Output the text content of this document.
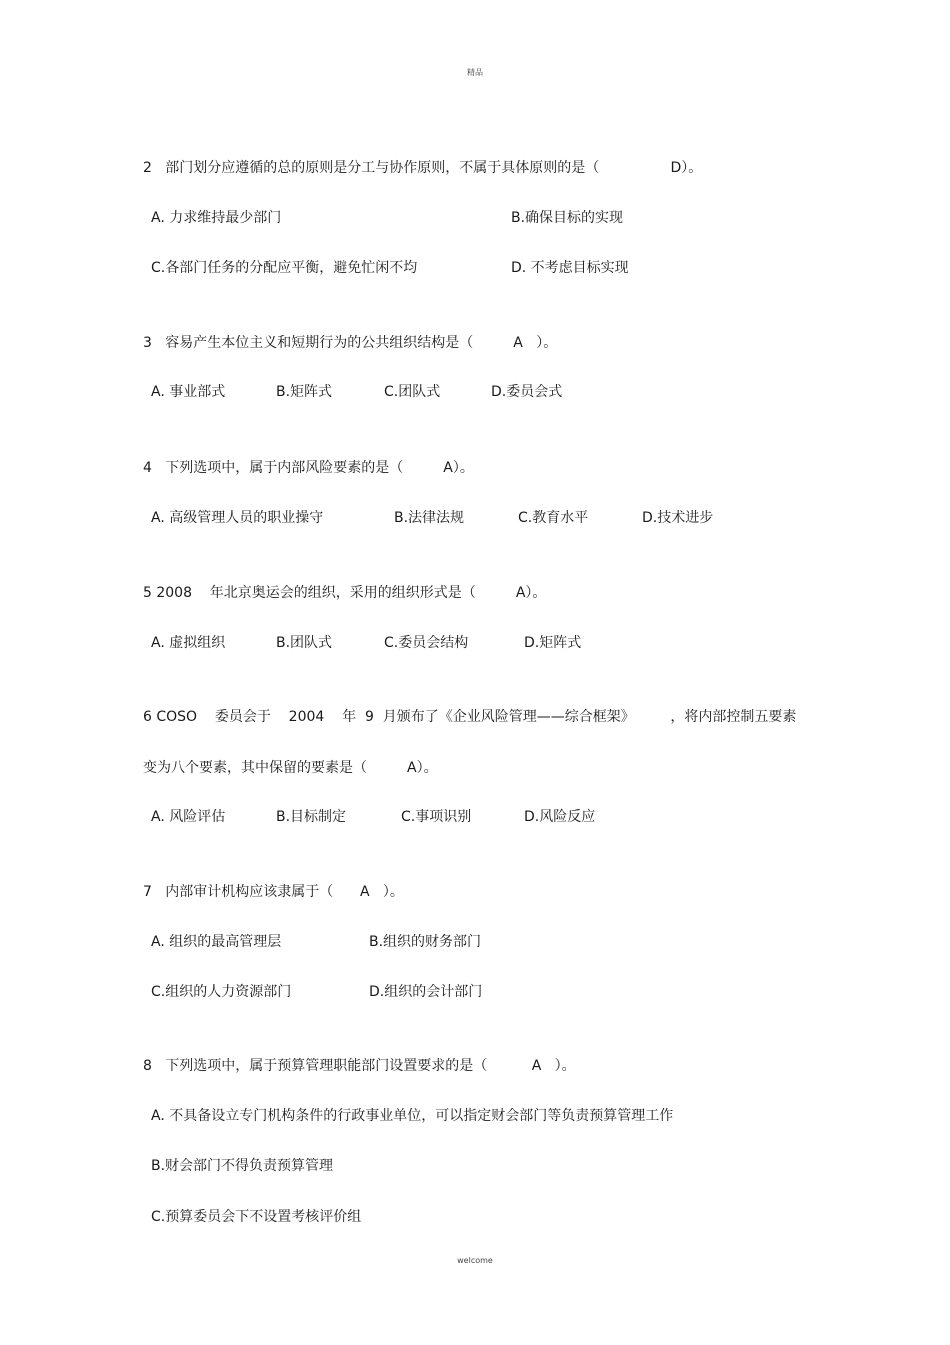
精品
2   部门划分应遵循的总的原则是分工与协作原则，不属于具体原则的是（                D）。
A. 力求维持最少部门	B.确保目标的实现
C.各部门任务的分配应平衡，避免忙闲不均	D. 不考虑目标实现
3   容易产生本位主义和短期行为的公共组织结构是（         A   ）。
A. 事业部式	B.矩阵式	C.团队式	D.委员会式
4   下列选项中，属于内部风险要素的是（         A）。
A. 高级管理人员的职业操守	B.法律法规	C.教育水平	D.技术进步
5 2008    年北京奥运会的组织，采用的组织形式是（         A）。
A. 虚拟组织	B.团队式	C.委员会结构	D.矩阵式
6 COSO    委员会于    2004    年  9  月颁布了《企业风险管理——综合框架》        ，将内部控制五要素
变为八个要素，其中保留的要素是（         A）。
A. 风险评估	B.目标制定	C.事项识别	D.风险反应
7   内部审计机构应该隶属于（      A   ）。
A. 组织的最高管理层	B.组织的财务部门
C.组织的人力资源部门	D.组织的会计部门
8   下列选项中，属于预算管理职能部门设置要求的是（          A   ）。
A. 不具备设立专门机构条件的行政事业单位，可以指定财会部门等负责预算管理工作
B.财会部门不得负责预算管理
C.预算委员会下不设置考核评价组
welcome
